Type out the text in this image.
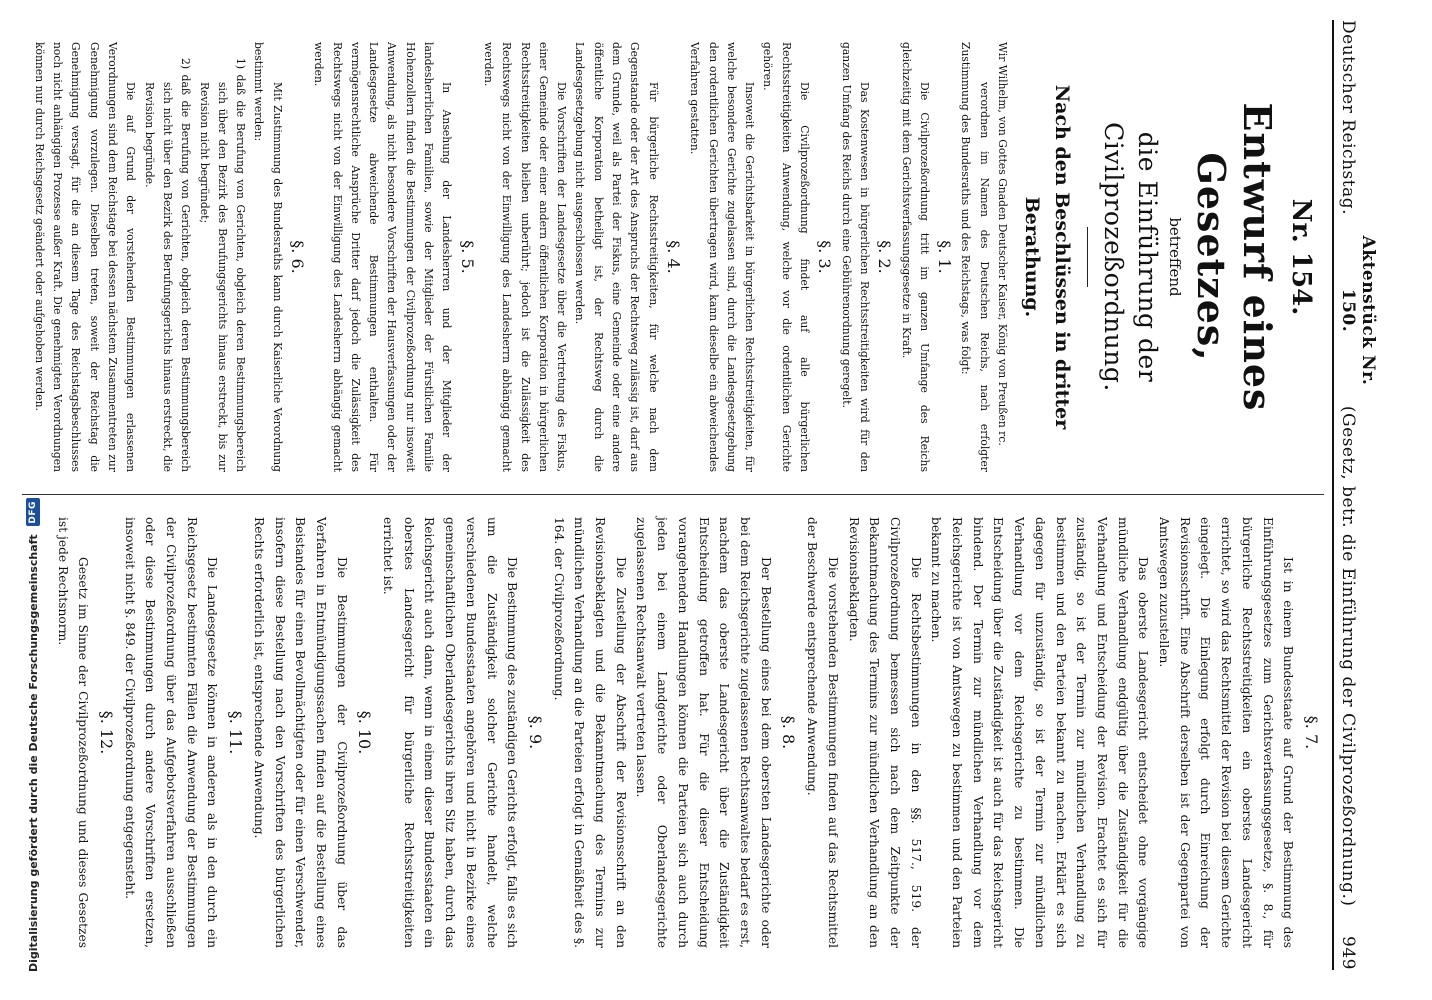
Deutscher Reichstag.
Aktenstück Nr. 150.
(Gesetz, betr. die Einführung der Civilprozeßordnung.)     949
Nr. 154.
Entwurf eines Gesetzes,
betreffend
die Einführung der Civilprozeßordnung.
Nach den Beschlüssen in dritter Berathung.

Wir Wilhelm, von Gottes Gnaden Deutscher Kaiser, König von Preußen rc.

verordnen im Namen des Deutschen Reichs, nach erfolgter Zustimmung des Bundesraths und des Reichstags, was folgt:

§. 1.

Die Civilprozeßordnung tritt im ganzen Umfange des Reichs gleichzeitig mit dem Gerichtsverfassungsgesetze in Kraft.

§. 2.

Das Kostenwesen in bürgerlichen Rechtsstreitigkeiten wird für den ganzen Umfang des Reichs durch eine Gebührenordnung geregelt.

§. 3.

Die Civilprozeßordnung findet auf alle bürgerlichen Rechtsstreitigkeiten Anwendung, welche vor die ordentlichen Gerichte gehören.

Insoweit die Gerichtsbarkeit in bürgerlichen Rechtsstreitigkeiten, für welche besondere Gerichte zugelassen sind, durch die Landesgesetzgebung den ordentlichen Gerichten übertragen wird, kann dieselbe ein abweichendes Verfahren gestatten.

§. 4.

Für bürgerliche Rechtsstreitigkeiten, für welche nach dem Gegenstande oder der Art des Anspruchs der Rechtsweg zulässig ist, darf aus dem Grunde, weil als Partei der Fiskus, eine Gemeinde oder eine andere öffentliche Korporation betheiligt ist, der Rechtsweg durch die Landesgesetzgebung nicht ausgeschlossen werden.

Die Vorschriften der Landesgesetze über die Vertretung des Fiskus, einer Gemeinde oder einer andern öffentlichen Korporation in bürgerlichen Rechtsstreitigkeiten bleiben unberührt; jedoch ist die Zulässigkeit des Rechtswegs nicht von der Einwilligung des Landesherrn abhängig gemacht werden.

§. 5.

In Ansehung der Landesherren und der Mitglieder der landesherrlichen Familien, sowie der Mitglieder der Fürstlichen Familie Hohenzollern finden die Bestimmungen der Civilprozeßordnung nur insoweit Anwendung, als nicht besondere Vorschriften der Hausverfassungen oder der Landesgesetze abweichende Bestimmungen enthalten. Für vermögensrechtliche Ansprüche Dritter darf jedoch die Zulässigkeit des Rechtswegs nicht von der Einwilligung des Landesherrn abhängig gemacht werden.

§. 6.

Mit Zustimmung des Bundesraths kann durch Kaiserliche Verordnung bestimmt werden:

1) daß die Berufung von Gerichten, obgleich deren Bestimmungsbereich sich über den Bezirk des Berufungsgerichts hinaus erstreckt, bis zur Revision nicht begründet;

2) daß die Berufung von Gerichten, obgleich deren Bestimmungsbereich sich nicht über den Bezirk des Berufungsgerichts hinaus erstreckt, die Revision begründe.

Die auf Grund der vorstehenden Bestimmungen erlassenen Verordnungen sind dem Reichstage bei dessen nächstem Zusammentreten zur Genehmigung vorzulegen. Dieselben treten, soweit der Reichstag die Genehmigung versagt, für die an diesem Tage des Reichstagsbeschlusses noch nicht anhängigen Prozesse außer Kraft. Die genehmigten Verordnungen können nur durch Reichsgesetz geändert oder aufgehoben werden.

§. 7.

Ist in einem Bundesstaate auf Grund der Bestimmung des Einführungsgesetzes zum Gerichtsverfassungsgesetze, §. 8., für bürgerliche Rechtsstreitigkeiten ein oberstes Landesgericht errichtet, so wird das Rechtsmittel der Revision bei diesem Gerichte eingelegt. Die Einlegung erfolgt durch Einreichung der Revisionsschrift. Eine Abschrift derselben ist der Gegenpartei von Amtswegen zuzustellen.

Das oberste Landesgericht entscheidet ohne vorgängige mündliche Verhandlung endgültig über die Zuständigkeit für die Verhandlung und Entscheidung der Revision. Erachtet es sich für zuständig, so ist der Termin zur mündlichen Verhandlung zu bestimmen und den Parteien bekannt zu machen. Erklärt es sich dagegen für unzuständig, so ist der Termin zur mündlichen Verhandlung vor dem Reichsgerichte zu bestimmen. Die Entscheidung über die Zuständigkeit ist auch für das Reichsgericht bindend. Der Termin zur mündlichen Verhandlung vor dem Reichsgerichte ist von Amtswegen zu bestimmen und den Parteien bekannt zu machen.

Die Rechtsbestimmungen in den §§. 517., 519. der Civilprozeßordnung bemessen sich nach dem Zeitpunkte der Bekanntmachung des Termins zur mündlichen Verhandlung an den Revisionsbeklagten.

Die vorstehenden Bestimmungen finden auf das Rechtsmittel der Beschwerde entsprechende Anwendung.

§. 8.

Der Bestellung eines bei dem obersten Landesgerichte oder bei dem Reichsgerichte zugelassenen Rechtsanwaltes bedarf es erst, nachdem das oberste Landesgericht über die Zuständigkeit Entscheidung getroffen hat. Für die dieser Entscheidung vorangehenden Handlungen können die Parteien sich auch durch jeden bei einem Landgerichte oder Oberlandesgerichte zugelassenen Rechtsanwalt vertreten lassen.

Die Zustellung der Abschrift der Revisionsschrift an den Revisionsbeklagten und die Bekanntmachung des Termins zur mündlichen Verhandlung an die Parteien erfolgt in Gemäßheit des §. 164. der Civilprozeßordnung.

§. 9.

Die Bestimmung des zuständigen Gerichts erfolgt, falls es sich um die Zuständigkeit solcher Gerichte handelt, welche verschiedenen Bundesstaaten angehören und nicht in Bezirke eines gemeinschaftlichen Oberlandesgerichts ihren Sitz haben, durch das Reichsgericht auch dann, wenn in einem dieser Bundesstaaten ein oberstes Landesgericht für bürgerliche Rechtsstreitigkeiten errichtet ist.

§. 10.

Die Bestimmungen der Civilprozeßordnung über das Verfahren in Entmündigungssachen finden auf die Bestellung eines Beistandes für einen Bevollmächtigten oder für einen Verschwender, insofern diese Bestellung nach den Vorschriften des bürgerlichen Rechts erforderlich ist, entsprechende Anwendung.

§. 11.

Die Landesgesetze können in anderen als in den durch ein Reichsgesetz bestimmten Fällen die Anwendung der Bestimmungen der Civilprozeßordnung über das Aufgebotsverfahren ausschließen oder diese Bestimmungen durch andere Vorschriften ersetzen, insoweit nicht §. 849. der Civilprozeßordnung entgegensteht.

§. 12.

Gesetz im Sinne der Civilprozeßordnung und dieses Gesetzes ist jede Rechtsnorm.

Digitalisierung gefördert durch die Deutsche Forschungsgemeinschaft
DFG
